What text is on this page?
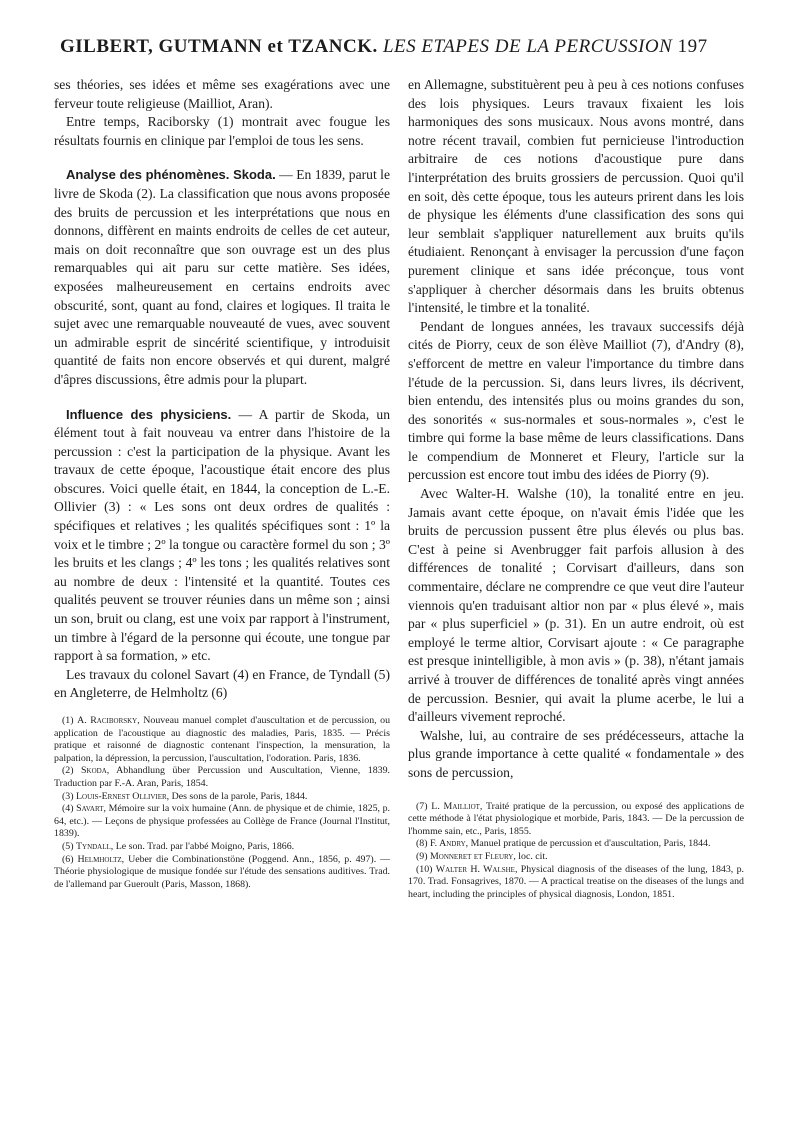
GILBERT, GUTMANN et TZANCK. LES ETAPES DE LA PERCUSSION 197

ses théories, ses idées et même ses exagérations avec une ferveur toute religieuse (Mailliot, Aran).

Entre temps, Raciborsky (1) montrait avec fougue les résultats fournis en clinique par l'emploi de tous les sens.

Analyse des phénomènes. Skoda. — En 1839, parut le livre de Skoda (2). La classification que nous avons proposée des bruits de percussion et les interprétations que nous en donnons, diffèrent en maints endroits de celles de cet auteur, mais on doit reconnaître que son ouvrage est un des plus remarquables qui ait paru sur cette matière. Ses idées, exposées malheureusement en certains endroits avec obscurité, sont, quant au fond, claires et logiques. Il traita le sujet avec une remarquable nouveauté de vues, avec souvent un admirable esprit de sincérité scientifique, y introduisit quantité de faits non encore observés et qui durent, malgré d'âpres discussions, être admis pour la plupart.

Influence des physiciens. — A partir de Skoda, un élément tout à fait nouveau va entrer dans l'histoire de la percussion : c'est la participation de la physique. Avant les travaux de cette époque, l'acoustique était encore des plus obscures. Voici quelle était, en 1844, la conception de L.-E. Ollivier (3) : « Les sons ont deux ordres de qualités : spécifiques et relatives ; les qualités spécifiques sont : 1º la voix et le timbre ; 2º la tongue ou caractère formel du son ; 3º les bruits et les clangs ; 4º les tons ; les qualités relatives sont au nombre de deux : l'intensité et la quantité. Toutes ces qualités peuvent se trouver réunies dans un même son ; ainsi un son, bruit ou clang, est une voix par rapport à l'instrument, un timbre à l'égard de la personne qui écoute, une tongue par rapport à sa formation, » etc.

Les travaux du colonel Savart (4) en France, de Tyndall (5) en Angleterre, de Helmholtz (6)

(1) A. Raciborsky, Nouveau manuel complet d'auscultation et de percussion, ou application de l'acoustique au diagnostic des maladies, Paris, 1835. — Précis pratique et raisonné de diagnostic contenant l'inspection, la mensuration, la palpation, la dépression, la percussion, l'auscultation, l'odoration. Paris, 1836.

(2) Skoda, Abhandlung über Percussion und Auscultation, Vienne, 1839. Traduction par F.-A. Aran, Paris, 1854.

(3) Louis-Ernest Ollivier, Des sons de la parole, Paris, 1844.

(4) Savart, Mémoire sur la voix humaine (Ann. de physique et de chimie, 1825, p. 64, etc.). — Leçons de physique professées au Collège de France (Journal l'Institut, 1839).

(5) Tyndall, Le son. Trad. par l'abbé Moigno, Paris, 1866.

(6) Helmholtz, Ueber die Combinationstöne (Poggend. Ann., 1856, p. 497). — Théorie physiologique de musique fondée sur l'étude des sensations auditives. Trad. de l'allemand par Gueroult (Paris, Masson, 1868).

en Allemagne, substituèrent peu à peu à ces notions confuses des lois physiques. Leurs travaux fixaient les lois harmoniques des sons musicaux. Nous avons montré, dans notre récent travail, combien fut pernicieuse l'introduction arbitraire de ces notions d'acoustique pure dans l'interprétation des bruits grossiers de percussion. Quoi qu'il en soit, dès cette époque, tous les auteurs prirent dans les lois de physique les éléments d'une classification des sons qui leur semblait s'appliquer naturellement aux bruits qu'ils étudiaient. Renonçant à envisager la percussion d'une façon purement clinique et sans idée préconçue, tous vont s'appliquer à chercher désormais dans les bruits obtenus l'intensité, le timbre et la tonalité.

Pendant de longues années, les travaux successifs déjà cités de Piorry, ceux de son élève Mailliot (7), d'Andry (8), s'efforcent de mettre en valeur l'importance du timbre dans l'étude de la percussion. Si, dans leurs livres, ils décrivent, bien entendu, des intensités plus ou moins grandes du son, des sonorités « sus-normales et sous-normales », c'est le timbre qui forme la base même de leurs classifications. Dans le compendium de Monneret et Fleury, l'article sur la percussion est encore tout imbu des idées de Piorry (9).

Avec Walter-H. Walshe (10), la tonalité entre en jeu. Jamais avant cette époque, on n'avait émis l'idée que les bruits de percussion pussent être plus élevés ou plus bas. C'est à peine si Avenbrugger fait parfois allusion à des différences de tonalité ; Corvisart d'ailleurs, dans son commentaire, déclare ne comprendre ce que veut dire l'auteur viennois qu'en traduisant altior non par « plus élevé », mais par « plus superficiel » (p. 31). En un autre endroit, où est employé le terme altior, Corvisart ajoute : « Ce paragraphe est presque inintelligible, à mon avis » (p. 38), n'étant jamais arrivé à trouver de différences de tonalité après vingt années de percussion. Besnier, qui avait la plume acerbe, le lui a d'ailleurs vivement reproché.

Walshe, lui, au contraire de ses prédécesseurs, attache la plus grande importance à cette qualité « fondamentale » des sons de percussion,

(7) L. Mailliot, Traité pratique de la percussion, ou exposé des applications de cette méthode à l'état physiologique et morbide, Paris, 1843. — De la percussion de l'homme sain, etc., Paris, 1855.

(8) F. Andry, Manuel pratique de percussion et d'auscultation, Paris, 1844.

(9) Monneret et Fleury, loc. cit.

(10) Walter H. Walshe, Physical diagnosis of the diseases of the lung, 1843, p. 170. Trad. Fonsagrives, 1870. — A practical treatise on the diseases of the lungs and heart, including the principles of physical diagnosis, London, 1851.
